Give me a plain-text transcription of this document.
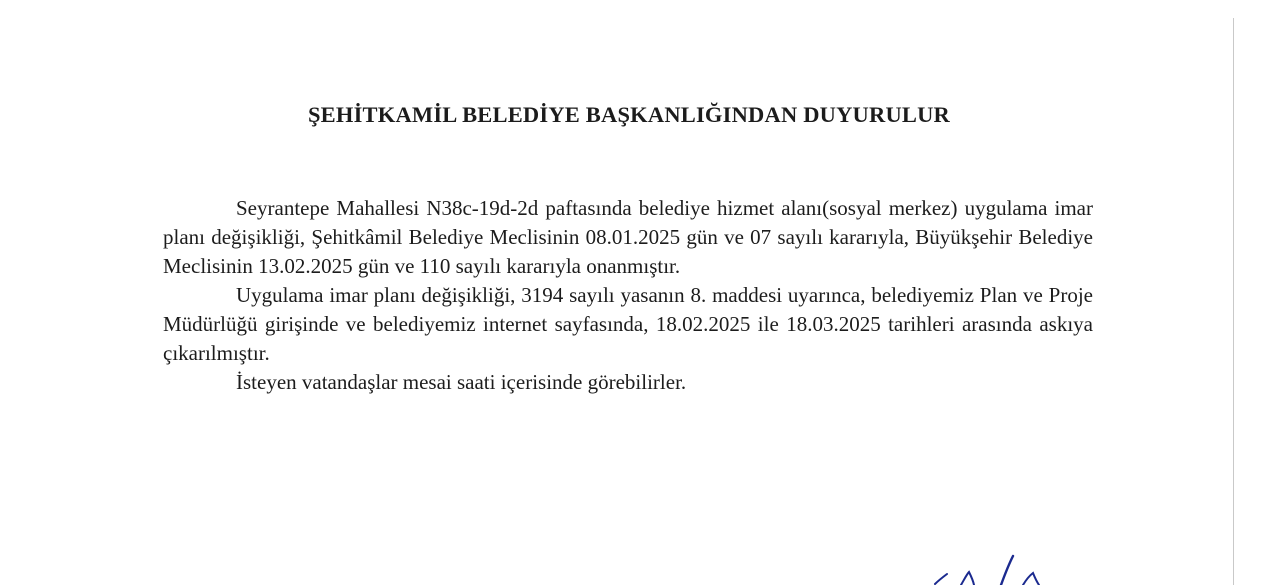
ŞEHİTKAMİL BELEDİYE BAŞKANLIĞINDAN DUYURULUR

Seyrantepe Mahallesi N38c-19d-2d paftasında belediye hizmet alanı(sosyal merkez) uygulama imar planı değişikliği, Şehitkâmil Belediye Meclisinin 08.01.2025 gün ve 07 sayılı kararıyla, Büyükşehir Belediye Meclisinin 13.02.2025 gün ve 110 sayılı kararıyla onanmıştır.

Uygulama imar planı değişikliği, 3194 sayılı yasanın 8. maddesi uyarınca, belediyemiz Plan ve Proje Müdürlüğü girişinde ve belediyemiz internet sayfasında, 18.02.2025 ile 18.03.2025 tarihleri arasında askıya çıkarılmıştır.

İsteyen vatandaşlar mesai saati içerisinde görebilirler.
